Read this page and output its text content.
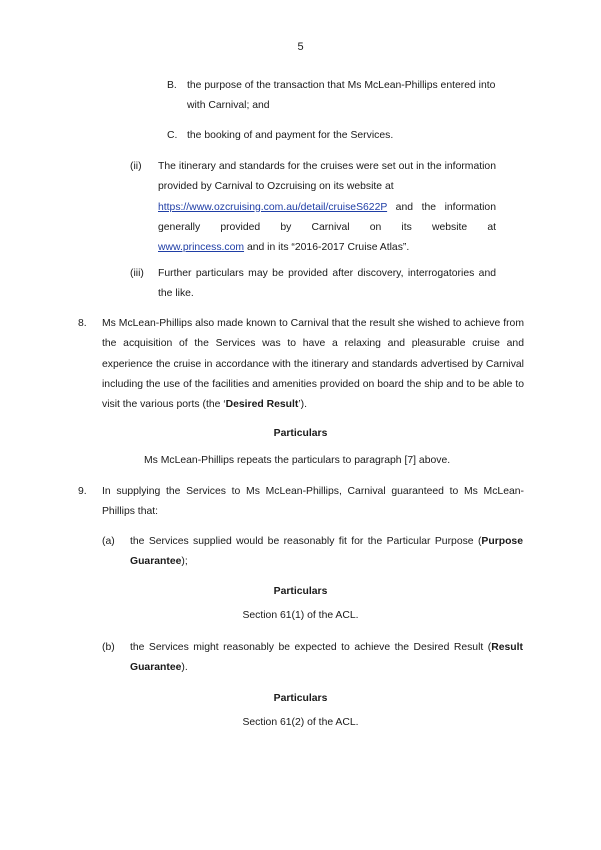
5
B. the purpose of the transaction that Ms McLean-Phillips entered into with Carnival; and
C. the booking of and payment for the Services.
(ii) The itinerary and standards for the cruises were set out in the information provided by Carnival to Ozcruising on its website at
https://www.ozcruising.com.au/detail/cruiseS622P and the information generally provided by Carnival on its website at
www.princess.com and in its “2016-2017 Cruise Atlas”.
(iii) Further particulars may be provided after discovery, interrogatories and the like.
8. Ms McLean-Phillips also made known to Carnival that the result she wished to achieve from the acquisition of the Services was to have a relaxing and pleasurable cruise and experience the cruise in accordance with the itinerary and standards advertised by Carnival including the use of the facilities and amenities provided on board the ship and to be able to visit the various ports (the ‘Desired Result’).
Particulars
Ms McLean-Phillips repeats the particulars to paragraph [7] above.
9. In supplying the Services to Ms McLean-Phillips, Carnival guaranteed to Ms McLean-Phillips that:
(a) the Services supplied would be reasonably fit for the Particular Purpose (Purpose Guarantee);
Particulars
Section 61(1) of the ACL.
(b) the Services might reasonably be expected to achieve the Desired Result (Result Guarantee).
Particulars
Section 61(2) of the ACL.
